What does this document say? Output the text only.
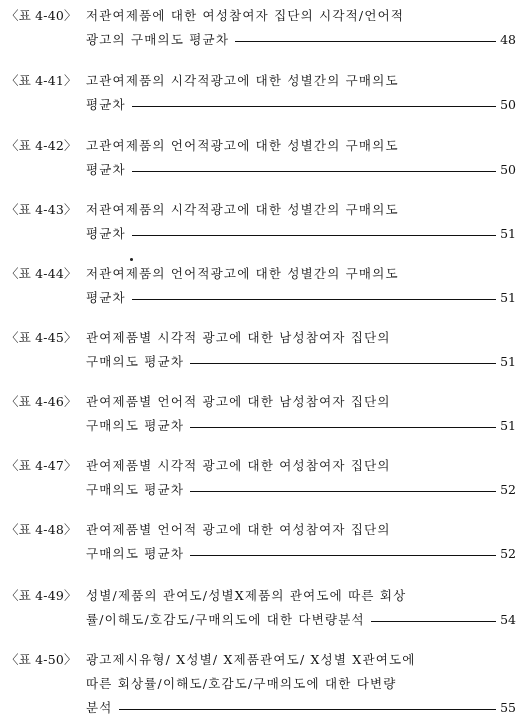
〈표 4-40〉 저관여제품에 대한 여성참여자 집단의 시각적/언어적
광고의 구매의도 평균차	48
〈표 4-41〉 고관여제품의 시각적광고에 대한 성별간의 구매의도
평균차	50
〈표 4-42〉 고관여제품의 언어적광고에 대한 성별간의 구매의도
평균차	50
〈표 4-43〉 저관여제품의 시각적광고에 대한 성별간의 구매의도
평균차	51
〈표 4-44〉 저관여제품의 언어적광고에 대한 성별간의 구매의도
평균차	51
〈표 4-45〉 관여제품별 시각적 광고에 대한 남성참여자 집단의
구매의도 평균차	51
〈표 4-46〉 관여제품별 언어적 광고에 대한 남성참여자 집단의
구매의도 평균차	51
〈표 4-47〉 관여제품별 시각적 광고에 대한 여성참여자 집단의
구매의도 평균차	52
〈표 4-48〉 관여제품별 언어적 광고에 대한 여성참여자 집단의
구매의도 평균차	52
〈표 4-49〉 성별/제품의 관여도/성별X제품의 관여도에 따른 회상
률/이해도/호감도/구매의도에 대한 다변량분석	54
〈표 4-50〉 광고제시유형/ X성별/ X제품관여도/ X성별 X관여도에
따른 회상률/이해도/호감도/구매의도에 대한 다변량
분석	55
